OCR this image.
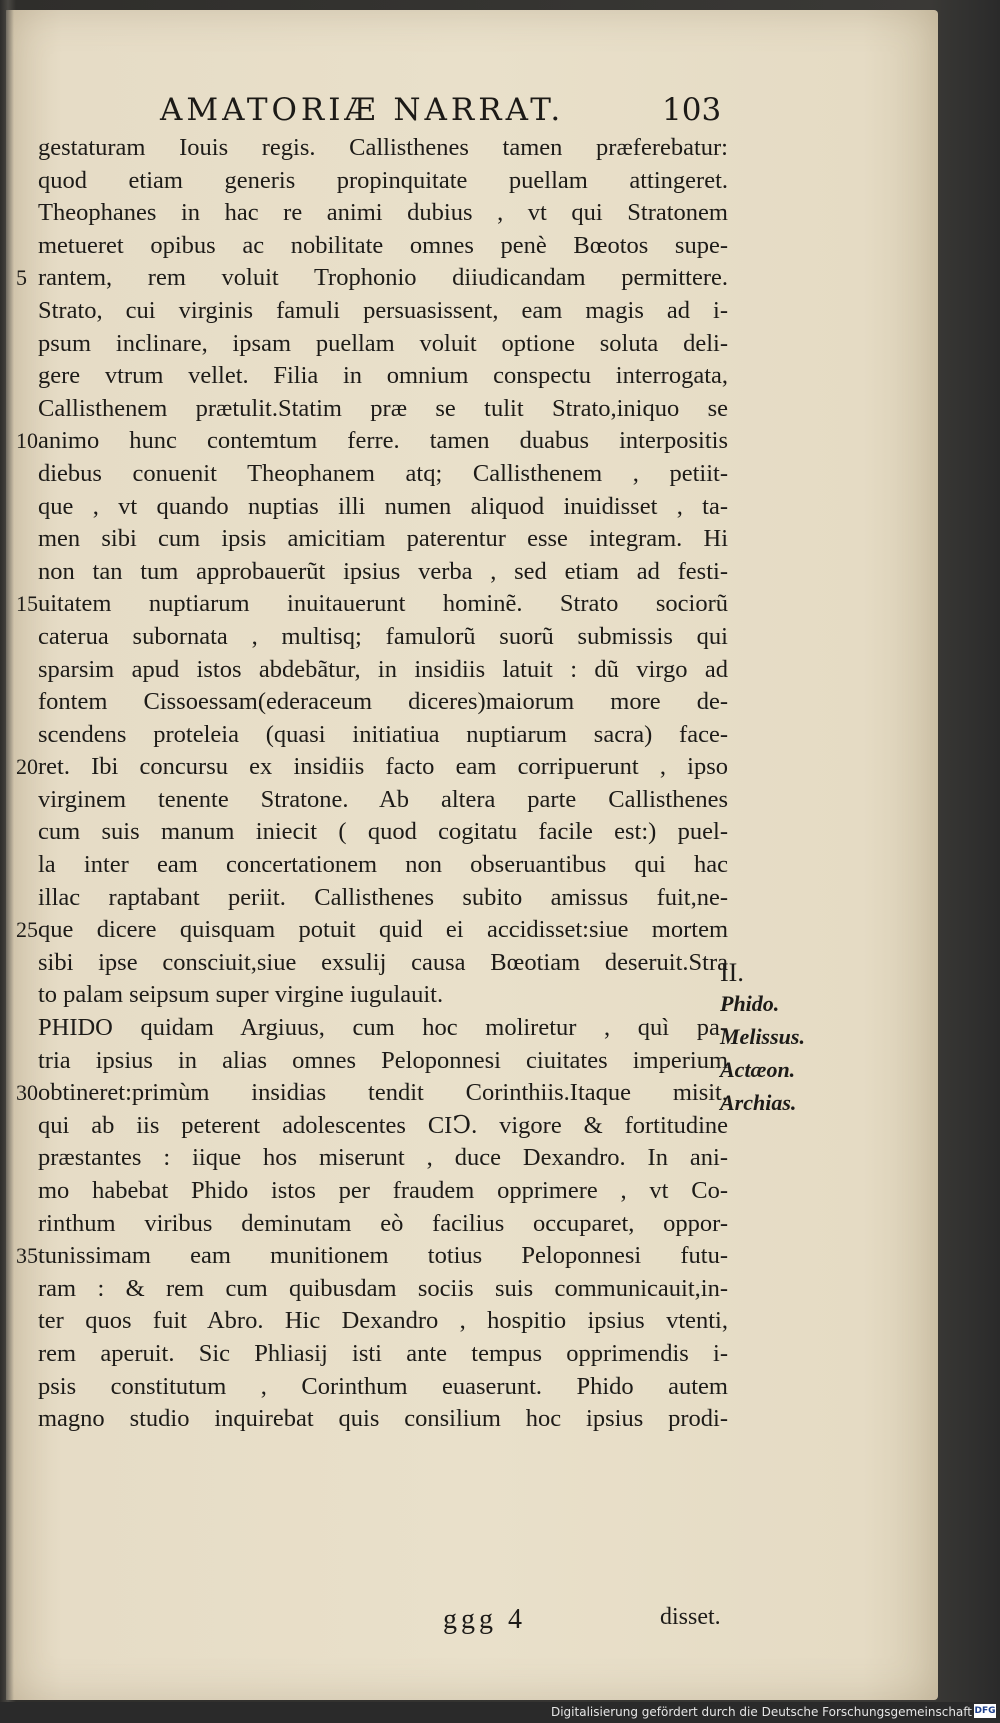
AMATORIÆ NARRAT.	103
gestaturam Iouis regis. Callisthenes tamen præferebatur:
quod etiam generis propinquitate puellam attingeret.
Theophanes in hac re animi dubius , vt qui Stratonem
metueret opibus ac nobilitate omnes penè Bœotos supe-
rantem, rem voluit Trophonio diiudicandam permittere.
5
Strato, cui virginis famuli persuasissent, eam magis ad i-
psum inclinare, ipsam puellam voluit optione soluta deli-
gere vtrum vellet. Filia in omnium conspectu interrogata,
Callisthenem prætulit.Statim præ se tulit Strato,iniquo se
animo hunc contemtum ferre. tamen duabus interpositis
10
diebus conuenit Theophanem atq; Callisthenem , petiit-
que , vt quando nuptias illi numen aliquod inuidisset , ta-
men sibi cum ipsis amicitiam paterentur esse integram. Hi
non tan tum approbauerũt ipsius verba , sed etiam ad festi-
uitatem nuptiarum inuitauerunt hominẽ. Strato sociorũ
15
caterua subornata , multisq; famulorũ suorũ submissis qui
sparsim apud istos abdebãtur, in insidiis latuit : dũ virgo ad
fontem Cissoessam(ederaceum diceres)maiorum more de-
scendens proteleia (quasi initiatiua nuptiarum sacra) face-
ret. Ibi concursu ex insidiis facto eam corripuerunt , ipso
20
virginem tenente Stratone. Ab altera parte Callisthenes
cum suis manum iniecit ( quod cogitatu facile est:) puel-
la inter eam concertationem non obseruantibus qui hac
illac raptabant periit. Callisthenes subito amissus fuit,ne-
que dicere quisquam potuit quid ei accidisset:siue mortem
25
sibi ipse consciuit,siue exsulij causa Bœotiam deseruit.Stra
to palam seipsum super virgine iugulauit.
PHIDO quidam Argiuus, cum hoc moliretur , quì pa-
tria ipsius in alias omnes Peloponnesi ciuitates imperium
obtineret:primùm insidias tendit Corinthiis.Itaque misit,
30
qui ab iis peterent adolescentes CIↃ. vigore & fortitudine
præstantes : iique hos miserunt , duce Dexandro. In ani-
mo habebat Phido istos per fraudem opprimere , vt Co-
rinthum viribus deminutam eò facilius occuparet, oppor-
tunissimam eam munitionem totius Peloponnesi futu-
35
ram : & rem cum quibusdam sociis suis communicauit,in-
ter quos fuit Abro. Hic Dexandro , hospitio ipsius vtenti,
rem aperuit. Sic Phliasij isti ante tempus opprimendis i-
psis constitutum , Corinthum euaserunt. Phido autem
magno studio inquirebat quis consilium hoc ipsius prodi-
II.
Phido.
Melissus.
Actæon.
Archias.
ggg 4	disset.
Digitalisierung gefördert durch die Deutsche Forschungsgemeinschaft DFG
